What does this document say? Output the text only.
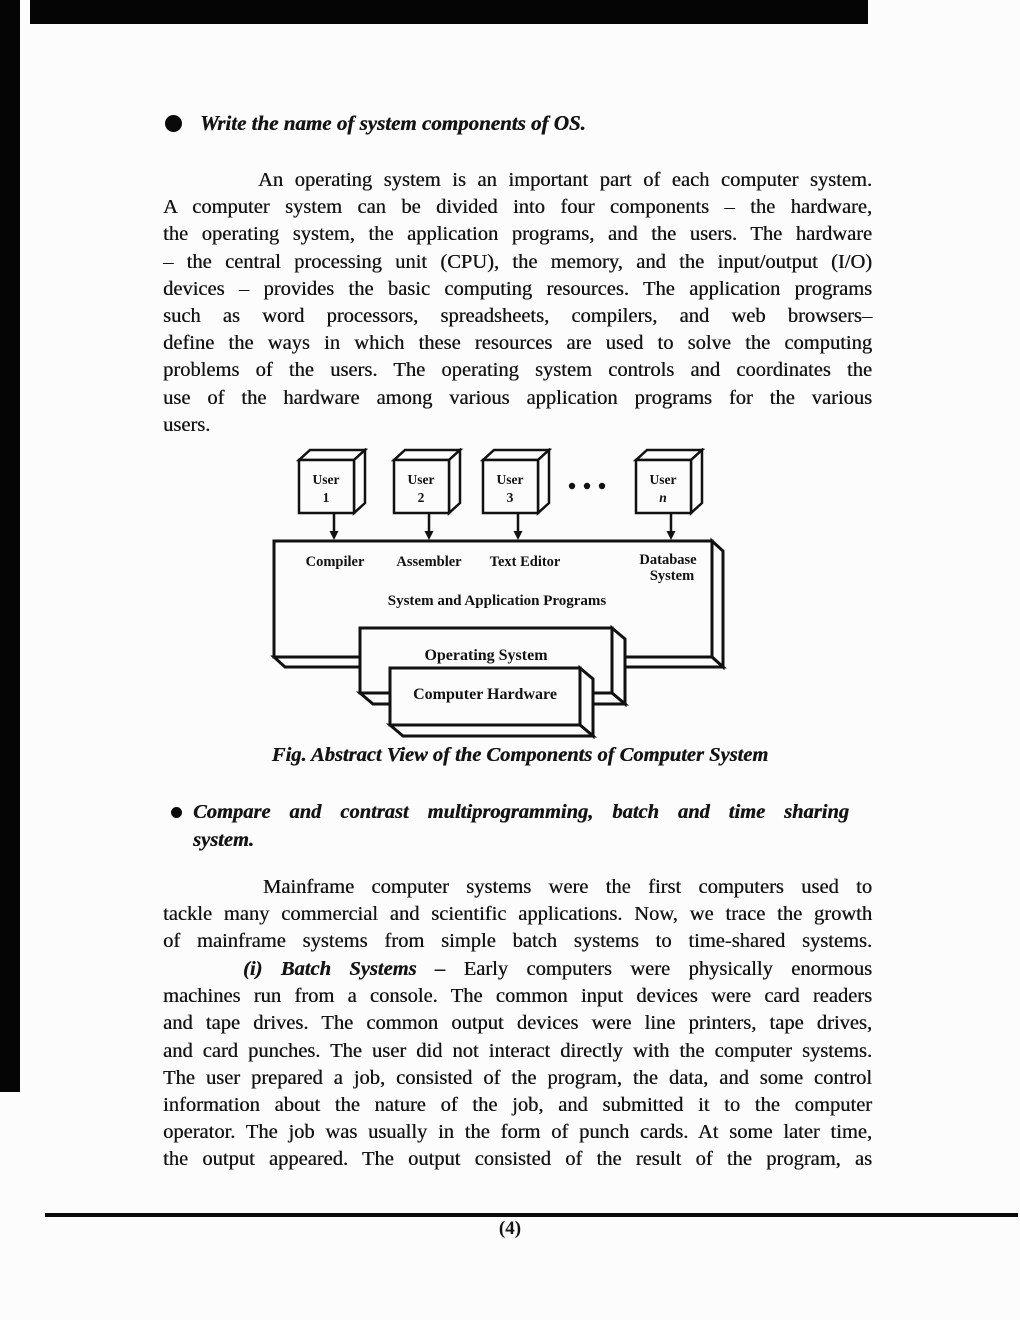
Write the name of system components of OS.
An operating system is an important part of each computer system.
A computer system can be divided into four components – the hardware,
the operating system, the application programs, and the users. The hardware
– the central processing unit (CPU), the memory, and the input/output (I/O)
devices – provides the basic computing resources. The application programs
such as word processors, spreadsheets, compilers, and web browsers–
define the ways in which these resources are used to solve the computing
problems of the users. The operating system controls and coordinates the
use of the hardware among various application programs for the various
users.
Compiler Assembler Text Editor	Database
System
System and Application Programs
User
1
User
2
User
3
User
n
Operating System
Computer Hardware
Fig. Abstract View of the Components of Computer System
Compare and contrast multiprogramming, batch and time sharing
system.
Mainframe computer systems were the first computers used to
tackle many commercial and scientific applications. Now, we trace the growth
of mainframe systems from simple batch systems to time-shared systems.
(i) Batch Systems – Early computers were physically enormous
machines run from a console. The common input devices were card readers
and tape drives. The common output devices were line printers, tape drives,
and card punches. The user did not interact directly with the computer systems.
The user prepared a job, consisted of the program, the data, and some control
information about the nature of the job, and submitted it to the computer
operator. The job was usually in the form of punch cards. At some later time,
the output appeared. The output consisted of the result of the program, as
(4)
